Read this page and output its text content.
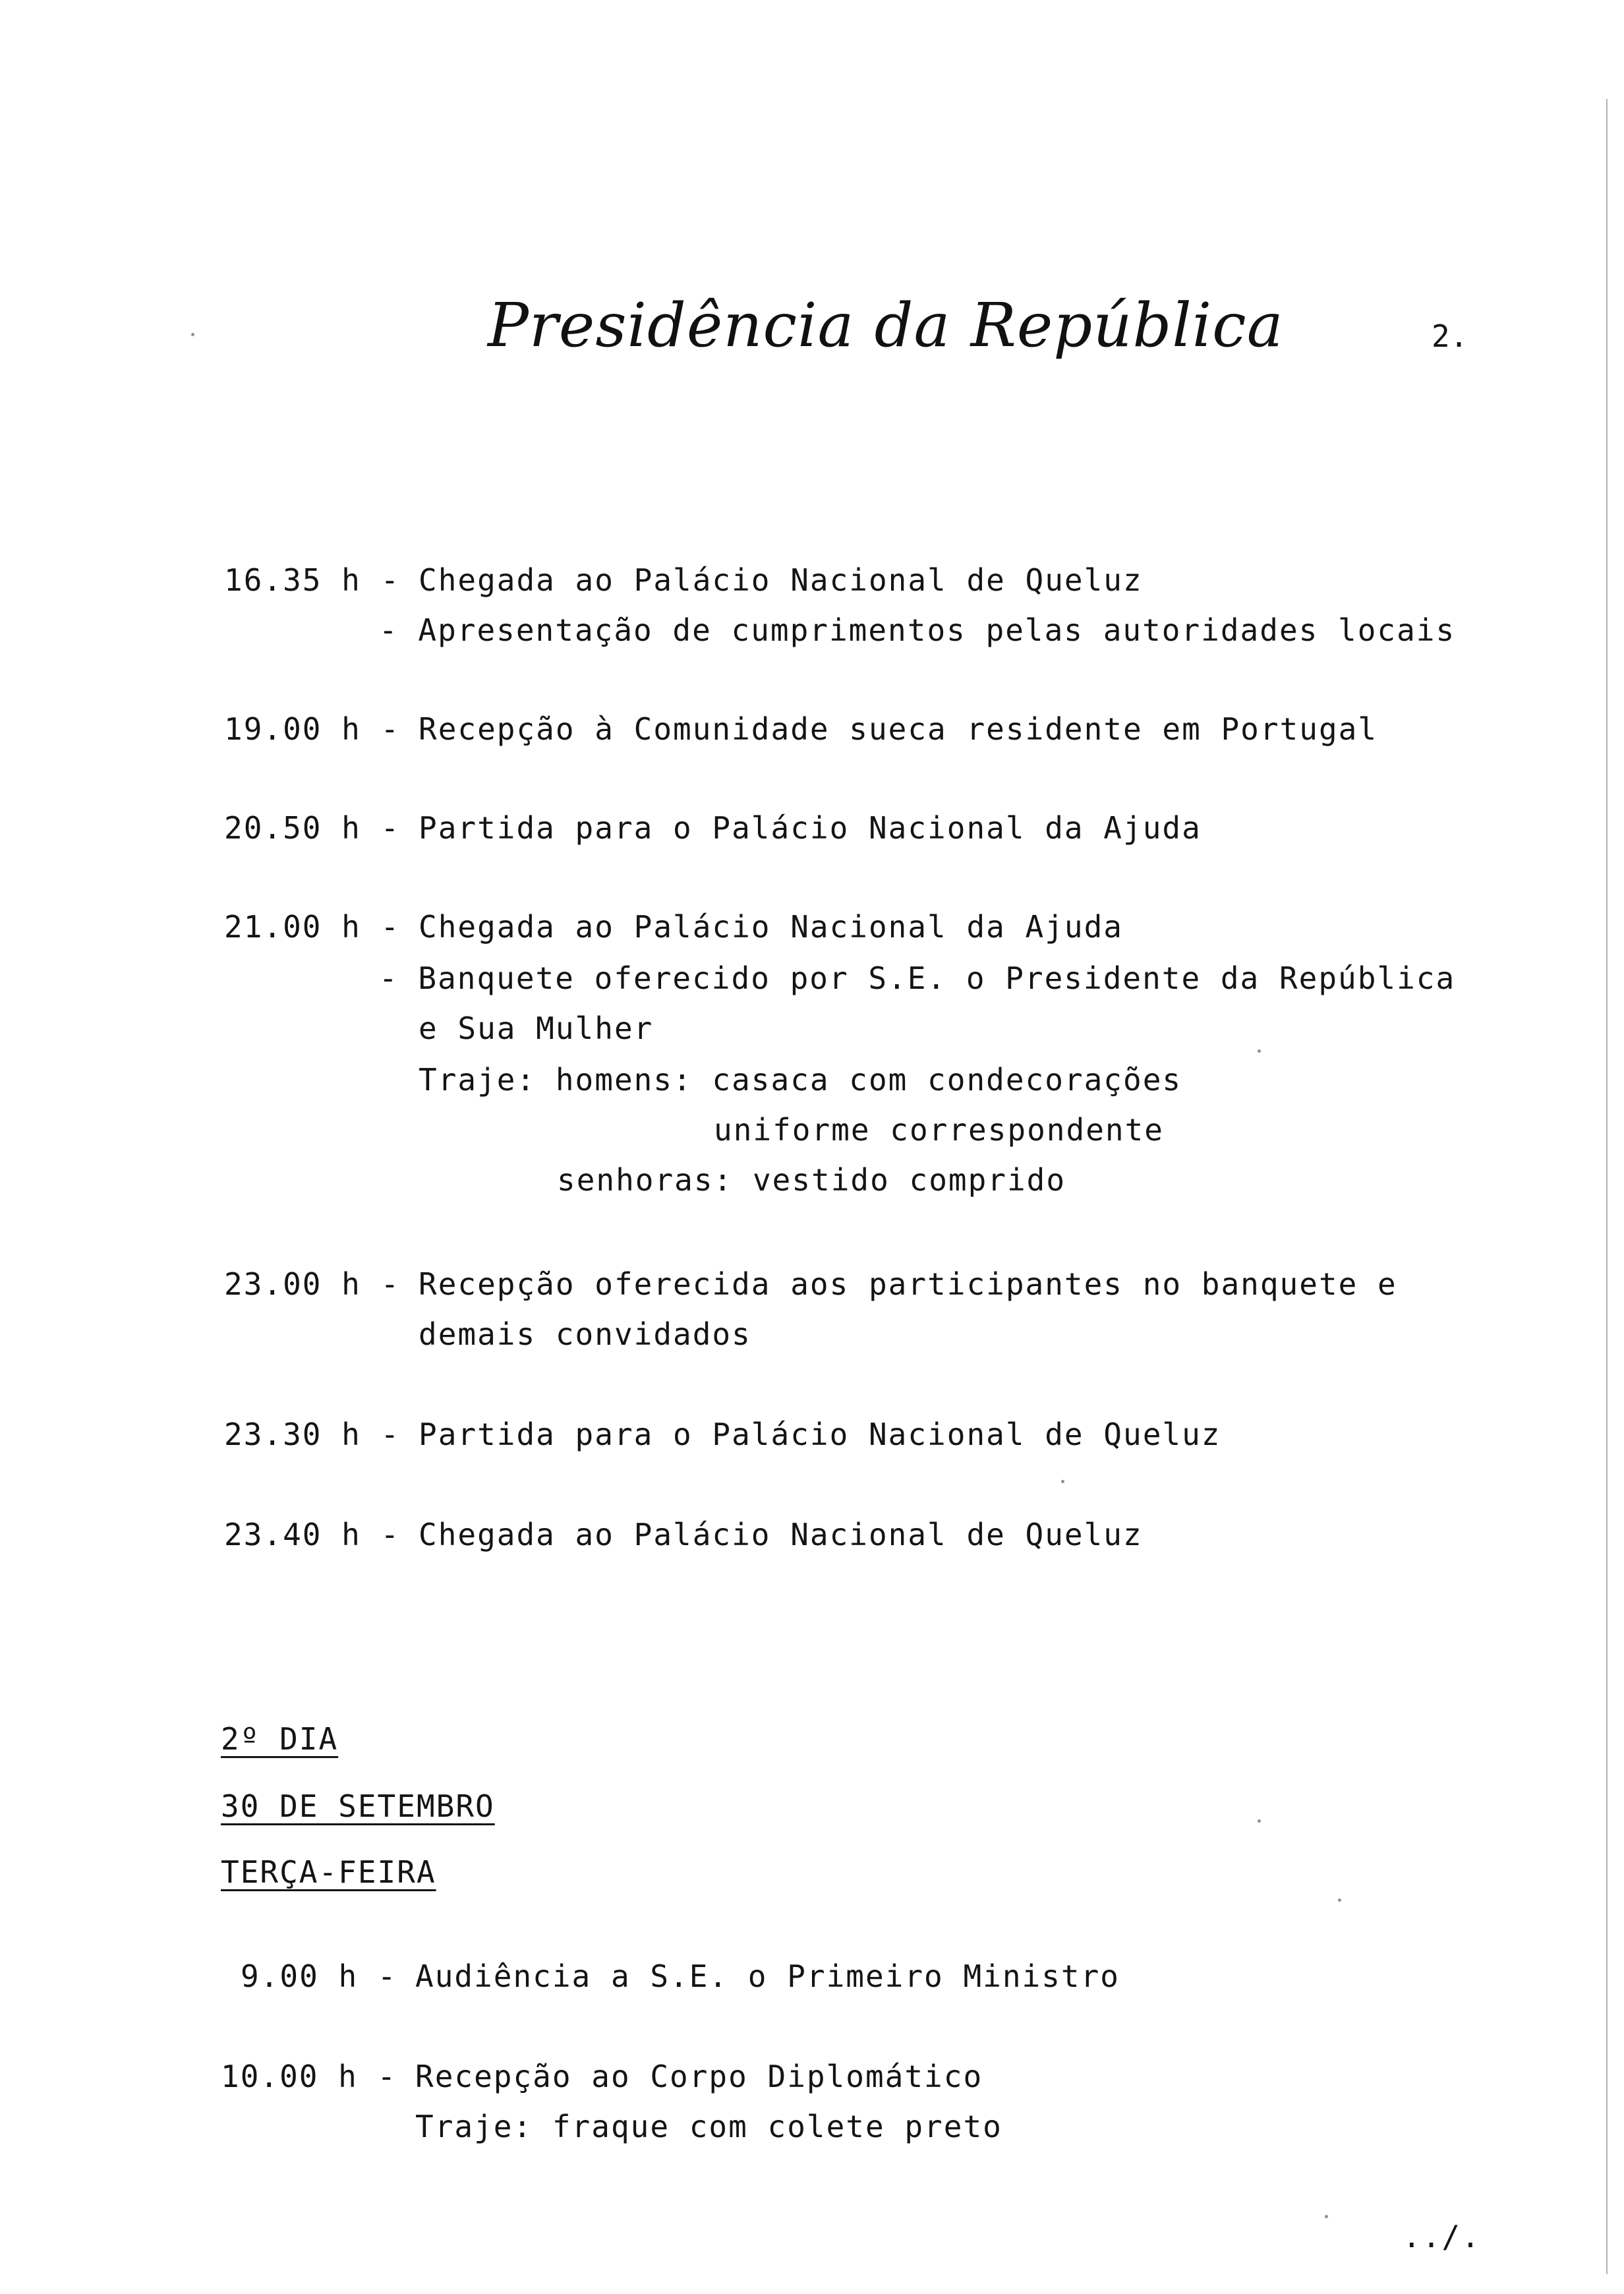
Presidência da República	2.
16.35 h - Chegada ao Palácio Nacional de Queluz
- Apresentação de cumprimentos pelas autoridades locais
19.00 h - Recepção à Comunidade sueca residente em Portugal
20.50 h - Partida para o Palácio Nacional da Ajuda
21.00 h - Chegada ao Palácio Nacional da Ajuda
- Banquete oferecido por S.E. o Presidente da República
e Sua Mulher
Traje: homens: casaca com condecorações
uniforme correspondente
senhoras: vestido comprido
23.00 h - Recepção oferecida aos participantes no banquete e
demais convidados
23.30 h - Partida para o Palácio Nacional de Queluz
23.40 h - Chegada ao Palácio Nacional de Queluz
2º DIA
30 DE SETEMBRO
TERÇA-FEIRA
9.00 h - Audiência a S.E. o Primeiro Ministro
10.00 h - Recepção ao Corpo Diplomático
Traje: fraque com colete preto
../.
